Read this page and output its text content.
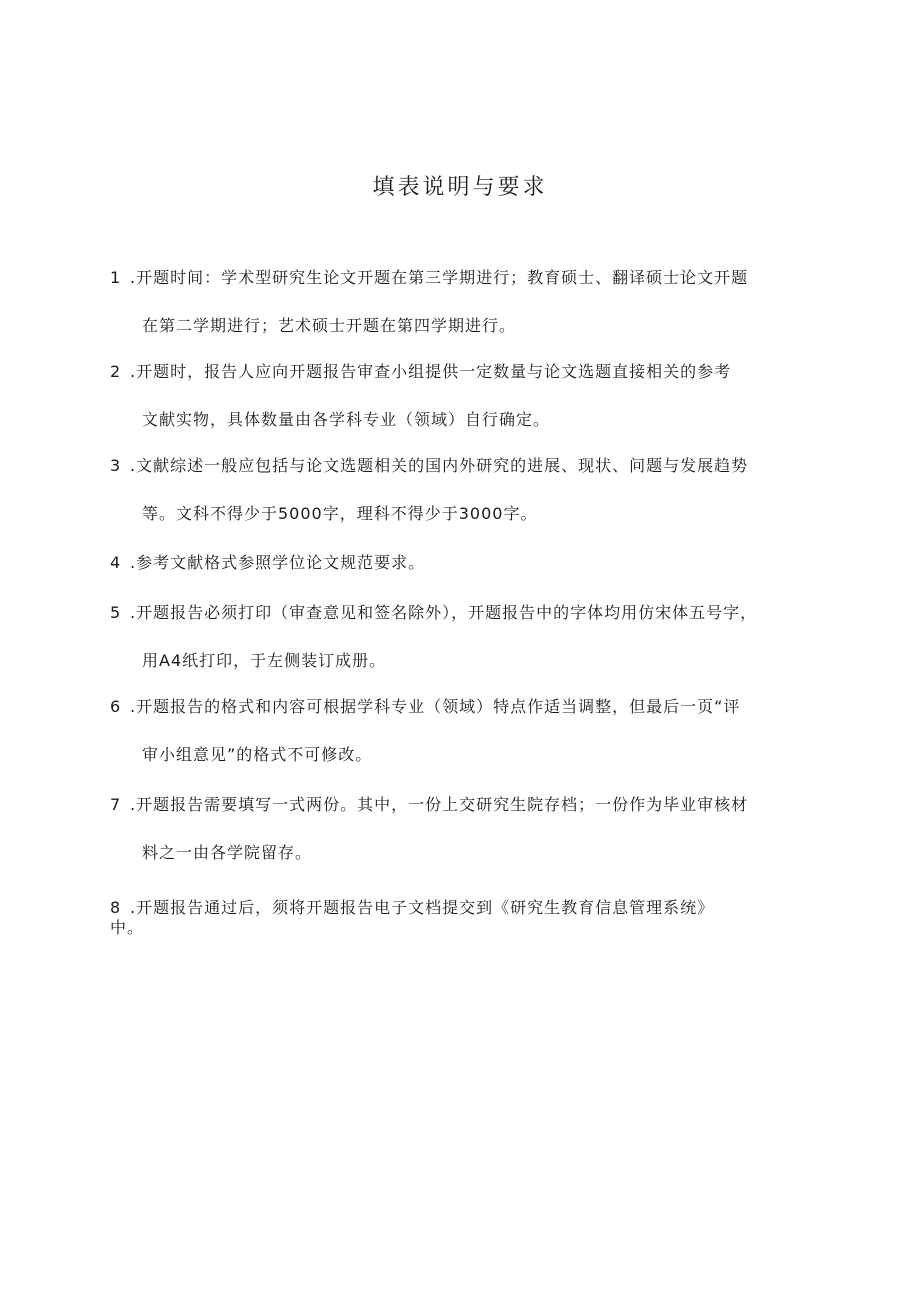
填表说明与要求
1 .开题时间：学术型研究生论文开题在第三学期进行；教育硕士、翻译硕士论文开题
在第二学期进行；艺术硕士开题在第四学期进行。
2 .开题时，报告人应向开题报告审查小组提供一定数量与论文选题直接相关的参考
文献实物，具体数量由各学科专业（领域）自行确定。
3 .文献综述一般应包括与论文选题相关的国内外研究的进展、现状、问题与发展趋势
等。文科不得少于5000字，理科不得少于3000字。
4 .参考文献格式参照学位论文规范要求。
5 .开题报告必须打印（审查意见和签名除外），开题报告中的字体均用仿宋体五号字，
用A4纸打印，于左侧装订成册。
6 .开题报告的格式和内容可根据学科专业（领域）特点作适当调整，但最后一页“评
审小组意见”的格式不可修改。
7 .开题报告需要填写一式两份。其中，一份上交研究生院存档；一份作为毕业审核材
料之一由各学院留存。
8 .开题报告通过后，须将开题报告电子文档提交到《研究生教育信息管理系统》
中。
